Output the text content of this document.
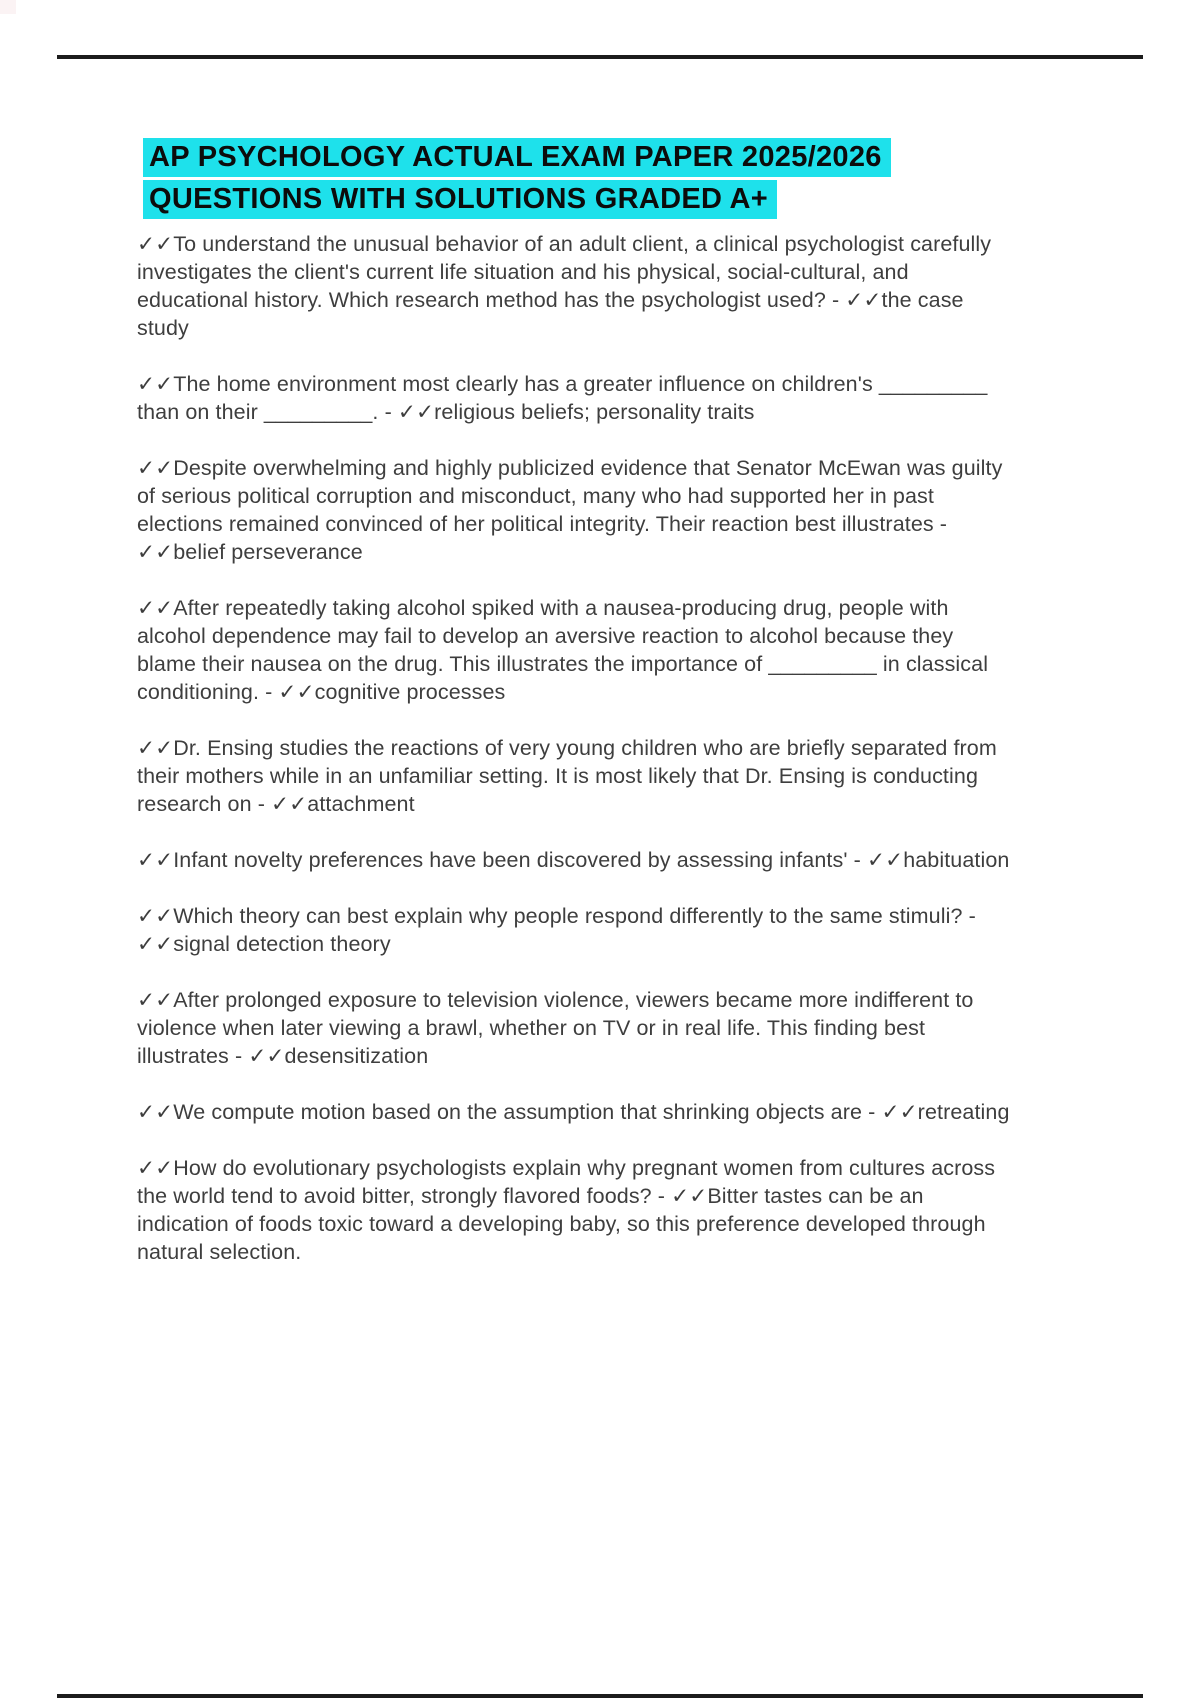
AP PSYCHOLOGY ACTUAL EXAM PAPER 2025/2026
QUESTIONS WITH SOLUTIONS GRADED A+

✓✓To understand the unusual behavior of an adult client, a clinical psychologist carefully investigates the client's current life situation and his physical, social-cultural, and educational history. Which research method has the psychologist used? - ✓✓the case study

✓✓The home environment most clearly has a greater influence on children's _________ than on their _________. - ✓✓religious beliefs; personality traits

✓✓Despite overwhelming and highly publicized evidence that Senator McEwan was guilty of serious political corruption and misconduct, many who had supported her in past elections remained convinced of her political integrity. Their reaction best illustrates - ✓✓belief perseverance

✓✓After repeatedly taking alcohol spiked with a nausea-producing drug, people with alcohol dependence may fail to develop an aversive reaction to alcohol because they blame their nausea on the drug. This illustrates the importance of _________ in classical conditioning. - ✓✓cognitive processes

✓✓Dr. Ensing studies the reactions of very young children who are briefly separated from their mothers while in an unfamiliar setting. It is most likely that Dr. Ensing is conducting research on - ✓✓attachment

✓✓Infant novelty preferences have been discovered by assessing infants' - ✓✓habituation

✓✓Which theory can best explain why people respond differently to the same stimuli? - ✓✓signal detection theory

✓✓After prolonged exposure to television violence, viewers became more indifferent to violence when later viewing a brawl, whether on TV or in real life. This finding best illustrates - ✓✓desensitization

✓✓We compute motion based on the assumption that shrinking objects are - ✓✓retreating

✓✓How do evolutionary psychologists explain why pregnant women from cultures across the world tend to avoid bitter, strongly flavored foods? - ✓✓Bitter tastes can be an indication of foods toxic toward a developing baby, so this preference developed through natural selection.
